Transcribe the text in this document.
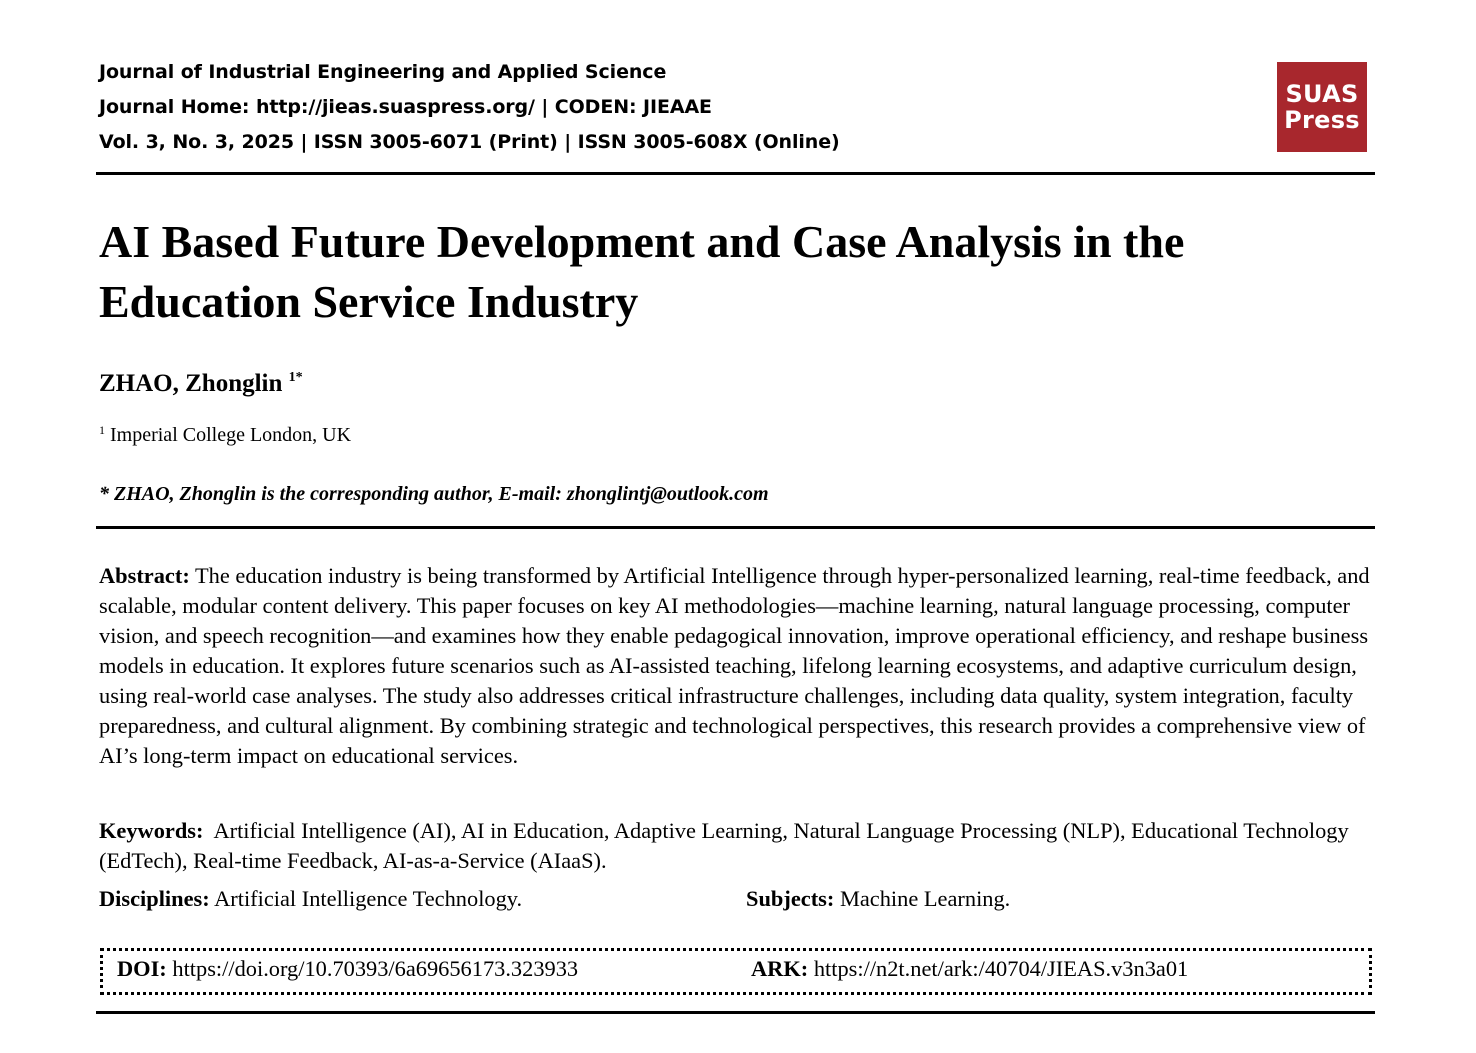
Journal of Industrial Engineering and Applied Science
Journal Home: http://jieas.suaspress.org/ | CODEN: JIEAAE
Vol. 3, No. 3, 2025 | ISSN 3005-6071 (Print) | ISSN 3005-608X (Online)
SUAS
Press
AI Based Future Development and Case Analysis in the Education Service Industry
ZHAO, Zhonglin $^{1*}$
$^1$ Imperial College London, UK
* ZHAO, Zhonglin is the corresponding author, E-mail: zhonglintj@outlook.com

Abstract: The education industry is being transformed by Artificial Intelligence through hyper-personalized learning, real-time feedback, and scalable, modular content delivery. This paper focuses on key AI methodologies—machine learning, natural language processing, computer vision, and speech recognition—and examines how they enable pedagogical innovation, improve operational efficiency, and reshape business models in education. It explores future scenarios such as AI-assisted teaching, lifelong learning ecosystems, and adaptive curriculum design, using real-world case analyses. The study also addresses critical infrastructure challenges, including data quality, system integration, faculty preparedness, and cultural alignment. By combining strategic and technological perspectives, this research provides a comprehensive view of AI’s long-term impact on educational services.

Keywords: Artificial Intelligence (AI), AI in Education, Adaptive Learning, Natural Language Processing (NLP), Educational Technology (EdTech), Real-time Feedback, AI-as-a-Service (AIaaS).

Disciplines: Artificial Intelligence Technology.	Subjects: Machine Learning.
DOI: https://doi.org/10.70393/6a69656173.323933	ARK: https://n2t.net/ark:/40704/JIEAS.v3n3a01
